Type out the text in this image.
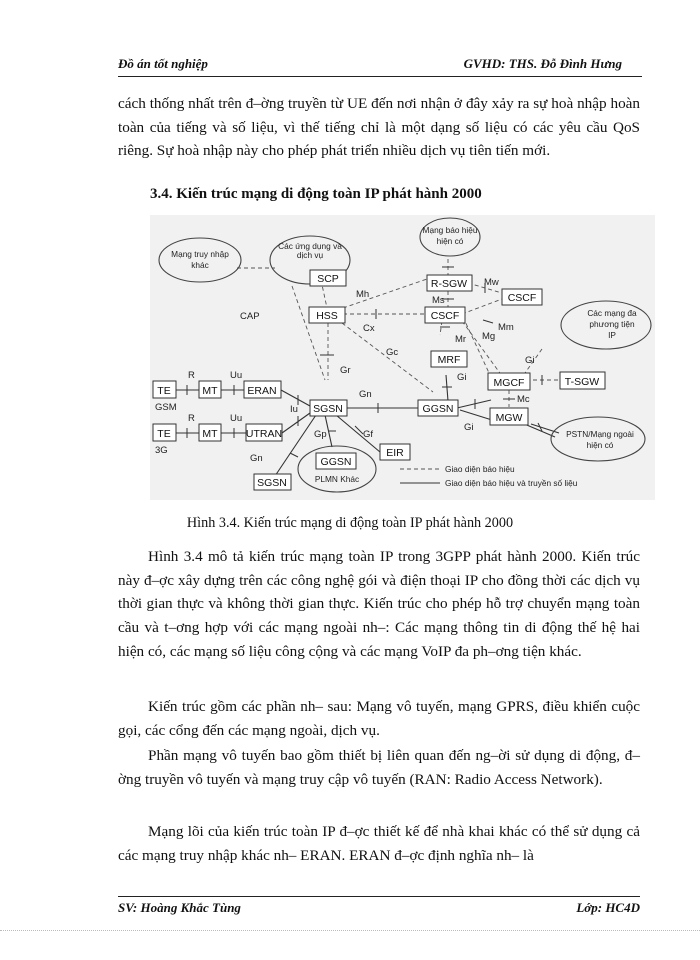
Đồ án tốt nghiệp	GVHD: THS. Đỗ Đình Hưng
cách thống nhất trên đ–ờng truyền từ UE đến nơi nhận ở đây xảy ra sự hoà nhập hoàn toàn của tiếng và số liệu, vì thế tiếng chỉ là một dạng số liệu có các yêu cầu QoS riêng. Sự hoà nhập này cho phép phát triển nhiều dịch vụ tiên tiến mới.
3.4. Kiến trúc mạng di động toàn IP phát hành 2000
Mạng truy nhập
khác
Các ứng dụng và
dịch vụ
Mạng báo hiệu
hiện có
Các mạng đa
phương tiện
IP
PSTN/Mạng ngoài
hiện có
PLMN Khác
SCP
HSS
R-SGW
CSCF
CSCF
MRF
MGCF	T-SGW
MGW
SGSN	GGSN
EIR
GGSN
SGSN
TE	MT	ERAN
TE	MT	UTRAN
GSM
3G
R	Uu
R	Uu
Iu
CAP
Mh
Cx
Ms
Mw
Mm
Mg
Mr
Gc
Gr
Gn
Gi
Gi
Gi
Mc
Gp	Gf
Gn
Giao diện báo hiệu
Giao diện báo hiệu và truyền số liệu
Hình 3.4. Kiến trúc mạng di động toàn IP phát hành 2000
Hình 3.4 mô tả kiến trúc mạng toàn IP trong 3GPP phát hành 2000. Kiến trúc này đ–ợc xây dựng trên các công nghệ gói và điện thoại IP cho đồng thời các dịch vụ thời gian thực và không thời gian thực. Kiến trúc cho phép hỗ trợ chuyển mạng toàn cầu và t–ơng hợp với các mạng ngoài nh–: Các mạng thông tin di động thế hệ hai hiện có, các mạng số liệu công cộng và các mạng VoIP đa ph–ơng tiện khác.
Kiến trúc gồm các phần nh– sau: Mạng vô tuyến, mạng GPRS, điều khiển cuộc gọi, các cổng đến các mạng ngoài, dịch vụ.
Phần mạng vô tuyến bao gồm thiết bị liên quan đến ng–ời sử dụng di động, đ–ờng truyền vô tuyến và mạng truy cập vô tuyến (RAN: Radio Access Network).
Mạng lõi của kiến trúc toàn IP đ–ợc thiết kế để nhà khai khác có thể sử dụng cả các mạng truy nhập khác nh– ERAN. ERAN đ–ợc định nghĩa nh– là
SV: Hoàng Khắc Tùng	Lớp: HC4D
